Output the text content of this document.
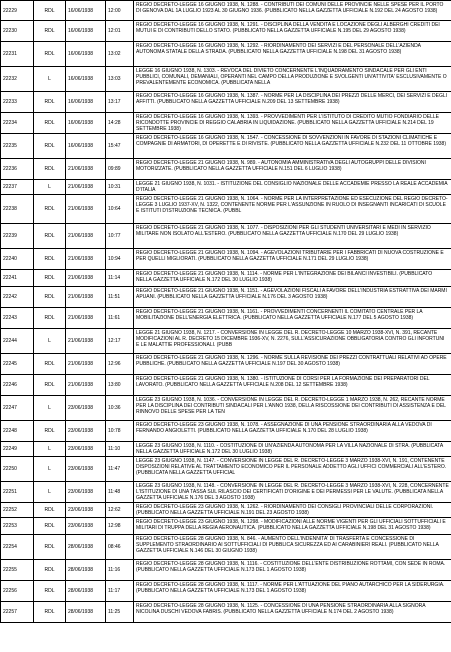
22229	RDL	16/06/1938	12:00	REGIO DECRETO-LEGGE 16 GIUGNO 1938, N. 1288. - CONTRIBUTI DEI COMUNI DELLE PROVINCIE NELLE SPESE PER IL PORTO DI GENOVA DAL 1A LUGLIO 1923 AL 30 GIUGNO 1936. (PUBBLICATO NELLA GAZZETTA UFFICIALE N.192 DEL 24 AGOSTO 1938)
22230	RDL	16/06/1938	12:01	REGIO DECRETO-LEGGE 16 GIUGNO 1938, N. 1291. - DISCIPLINA DELLA VENDITA E LOCAZIONE DEGLI ALBERGHI CREDITI DEI MUTUI E DI CONTRIBUTI DELLO STATO. (PUBBLICATO NELLA GAZZETTA UFFICIALE N.195 DEL 29 AGOSTO 1938)
22231	RDL	16/06/1938	13:02	REGIO DECRETO-LEGGE 16 GIUGNO 1938, N. 1292. - RIORDINAMENTO DEI SERVIZI E DEL PERSONALE DELL'AZIENDA AUTONOMA STATALE DELLA STRADA. (PUBBLICATO NELLA GAZZETTA UFFICIALE N.198 DEL 31 AGOSTO 1938)
22232	L	16/06/1938	13:03	LEGGE 16 GIUGNO 1938, N. 1303. - REVOCA DEL DIVIETO CONCERNENTE L'INQUADRAMENTO SINDACALE PER GLI ENTI PUBBLICI, COMUNALI, DEMANIALI, OPERANTI NEL CAMPO DELLA PRODUZIONE E SVOLGENTI UN'ATTIVITA' ESCLUSIVAMENTE O PREVALENTEMENTE ECONOMICA. (PUBBLICATA NELLA
22233	RDL	16/06/1938	13:17	REGIO DECRETO-LEGGE 16 GIUGNO 1938, N. 1387. - NORME PER LA DISCIPLINA DEI PREZZI DELLE MERCI, DEI SERVIZI E DEGLI AFFITTI. (PUBBLICATO NELLA GAZZETTA UFFICIALE N.209 DEL 13 SETTEMBRE 1938)
22234	RDL	16/06/1938	14:28	REGIO DECRETO-LEGGE 16 GIUGNO 1938, N. 1393. - PROVVEDIMENTI PER L'ISTITUTO DI CREDITO MUTIO FONDIARIO DELLE RICONDOTTE PROVINCIE DI REGGIO CALABRIA IN LIQUIDAZIONE. (PUBBLICATO NELLA GAZZETTA UFFICIALE N.214 DEL 19 SETTEMBRE 1938)
22235	RDL	16/06/1938	15:47	REGIO DECRETO-LEGGE 16 GIUGNO 1938, N. 1547. - CONCESSIONE DI SOVVENZIONI IN FAVORE DI STAZIONI CLIMATICHE E COMPAGNIE DI ARMATORI, DI OPERETTE E DI RIVISTE. (PUBBLICATO NELLA GAZZETTA UFFICIALE N.232 DEL 11 OTTOBRE 1938)
22236	RDL	21/06/1938	09:89	REGIO DECRETO-LEGGE 21 GIUGNO 1938, N. 989. - AUTONOMIA AMMINISTRATIVA DEGLI AUTOGRUPPI DELLE DIVISIONI MOTORIZZATE. (PUBBLICATO NELLA GAZZETTA UFFICIALE N.151 DEL 6 LUGLIO 1938)
22237	L	21/06/1938	10:31	LEGGE 21 GIUGNO 1938, N. 1031. - ISTITUZIONE DEL CONSIGLIO NAZIONALE DELLE ACCADEMIE PRESSO LA REALE ACCADEMIA D'ITALIA
22238	RDL	21/06/1938	10:64	REGIO DECRETO-LEGGE 21 GIUGNO 1938, N. 1064. - NORME PER LA INTERPRETAZIONE ED ESECUZIONE DEL REGIO DECRETO-LEGGE 3 LUGLIO 1937-XV, N. 1322, CONTENENTE NORME PER L'ASSUNZIONE IN RUOLO DI INSEGNANTI INCARICATI DI SCUOLE E ISTITUTI D'ISTRUZIONE TECNICA. (PUBBL
22239	RDL	21/06/1938	10:77	REGIO DECRETO-LEGGE 21 GIUGNO 1938, N. 1077. - DISPOSIZIONI PER GLI STUDENTI UNIVERSITARI E MEDI IN SERVIZIO MILITARE NON ISOLATO ALL'ESTERO. (PUBBLICATO NELLA GAZZETTA UFFICIALE N.170 DEL 29 LUGLIO 1938)
22240	RDL	21/06/1938	10:94	REGIO DECRETO-LEGGE 21 GIUGNO 1938, N. 1094. - AGEVOLAZIONI TRIBUTARIE PER I FABBRICATI DI NUOVA COSTRUZIONE E PER QUELLI MIGLIORATI. (PUBBLICATO NELLA GAZZETTA UFFICIALE N.171 DEL 29 LUGLIO 1938)
22241	RDL	21/06/1938	11:14	REGIO DECRETO-LEGGE 21 GIUGNO 1938, N. 1114. - NORME PER L'INTEGRAZIONE DEI BILANCI INVESTIBILI. (PUBBLICATO NELLA GAZZETTA UFFICIALE N.172 DEL 30 LUGLIO 1938)
22242	RDL	21/06/1938	11:51	REGIO DECRETO-LEGGE 21 GIUGNO 1938, N. 1151. - AGEVOLAZIONI FISCALI A FAVORE DELL'INDUSTRIA ESTRATTIVA DEI MARMI APUANI. (PUBBLICATO NELLA GAZZETTA UFFICIALE N.176 DEL 3 AGOSTO 1938)
22243	RDL	21/06/1938	11:61	REGIO DECRETO-LEGGE 21 GIUGNO 1938, N. 1161. - PROVVEDIMENTI CONCERNENTI IL COMITATO CENTRALE PER LA MOBILITAZIONE DELL'ENERGIA ELETTRICA. (PUBBLICATO NELLA GAZZETTA UFFICIALE N.177 DEL 5 AGOSTO 1938)
22244	L	21/06/1938	12:17	LEGGE 21 GIUGNO 1938, N. 1217. - CONVERSIONE IN LEGGE DEL R. DECRETO-LEGGE 10 MARZO 1938-XVI, N. 391, RECANTE MODIFICAZIONI AL R. DECRETO 15 DICEMBRE 1936-XV, N. 2276, SULL'ASSICURAZIONE OBBLIGATORIA CONTRO GLI INFORTUNI E LE MALATTIE PROFESSIONALI. (PUBB
22245	RDL	21/06/1938	12:96	REGIO DECRETO-LEGGE 21 GIUGNO 1938, N. 1296. - NORME SULLA REVISIONE DEI PREZZI CONTRATTUALI RELATIVI AD OPERE PUBBLICHE. (PUBBLICATO NELLA GAZZETTA UFFICIALE N.197 DEL 30 AGOSTO 1938)
22246	RDL	21/06/1938	13:80	REGIO DECRETO-LEGGE 21 GIUGNO 1938, N. 1380. - ISTITUZIONE DI CORSI PER LA FORMAZIONE DEI PREPARATORI DEL LAVORATO. (PUBBLICATO NELLA GAZZETTA UFFICIALE N.208 DEL 12 SETTEMBRE 1938)
22247	L	23/06/1938	10:36	LEGGE 23 GIUGNO 1938, N. 1036. - CONVERSIONE IN LEGGE DEL R. DECRETO-LEGGE 1 MARZO 1938, N. 262, RECANTE NORME PER LA DISCIPLINA DEI CONTRIBUTI SINDACALI PER L'ANNO 1938, DELLA RISCOSSIONE DEI CONTRIBUTI DI ASSISTENZA E DEL RINNOVO DELLE SPESE PER LA TEN
22248	RDL	23/06/1938	10:78	REGIO DECRETO-LEGGE 23 GIUGNO 1938, N. 1078. - ASSEGNAZIONE DI UNA PENSIONE STRAORDINARIA ALLA VEDOVA DI FERNANDO ANGIOLETTI. (PUBBLICATO NELLA GAZZETTA UFFICIALE N.170 DEL 28 LUGLIO 1938)
22249	L	23/06/1938	11:10	LEGGE 23 GIUGNO 1938, N. 1110. - COSTITUZIONE DI UN'AZIENDA AUTONOMA PER LA VILLA NAZIONALE DI STRA. (PUBBLICATA NELLA GAZZETTA UFFICIALE N.172 DEL 30 LUGLIO 1938)
22250	L	23/06/1938	11:47	LEGGE 23 GIUGNO 1938, N. 1147. - CONVERSIONE IN LEGGE DEL R. DECRETO-LEGGE 3 MARZO 1938-XVI, N. 191, CONTENENTE DISPOSIZIONI RELATIVE AL TRATTAMENTO ECONOMICO PER IL PERSONALE ADDETTO AGLI UFFICI COMMERCIALI ALL'ESTERO. (PUBBLICATA NELLA GAZZETTA UFFICIAL
22251	L	23/06/1938	11:48	LEGGE 23 GIUGNO 1938, N. 1148. - CONVERSIONE IN LEGGE DEL R. DECRETO-LEGGE 3 MARZO 1938-XVI, N. 228, CONCERNENTE L'ISTITUZIONE DI UNA TASSA SUL RILASCIO DEI CERTIFICATI D'ORIGINE E DEI PERMESSI PER LE VALUTE. (PUBBLICATA NELLA GAZZETTA UFFICIALE N.176 DEL 3 AGOSTO 1938)
22252	RDL	23/06/1938	12:62	REGIO DECRETO-LEGGE 23 GIUGNO 1938, N. 1262. - RIORDINAMENTO DEI CONSIGLI PROVINCIALI DELLE CORPORAZIONI. (PUBBLICATO NELLA GAZZETTA UFFICIALE N.191 DEL 23 AGOSTO 1938)
22253	RDL	23/06/1938	12:98	REGIO DECRETO-LEGGE 23 GIUGNO 1938, N. 1298. - MODIFICAZIONI ALLE NORME VIGENTI PER GLI UFFICIALI SOTTUFFICIALI E MILITARI DI TRUPPA DELLA REGIA AERONAUTICA. (PUBBLICATO NELLA GAZZETTA UFFICIALE N.198 DEL 31 AGOSTO 1938)
22254	RDL	28/06/1938	08:46	REGIO DECRETO-LEGGE 28 GIUGNO 1938, N. 846. - AUMENTO DELL'INDENNITA' DI TRASFERTA E CONCESSIONE DI SUPPLEMENTO STRAORDINARIO AI SOTTUFFICIALI DI PUBBLICA SICUREZZA ED AI CARABINIERI REALI. (PUBBLICATO NELLA GAZZETTA UFFICIALE N.146 DEL 30 GIUGNO 1938)
22255	RDL	28/06/1938	11:16	REGIO DECRETO-LEGGE 28 GIUGNO 1938, N. 1116. - COSTITUZIONE DELL'ENTE DISTRIBUZIONE ROTTAMI, CON SEDE IN ROMA. (PUBBLICATO NELLA GAZZETTA UFFICIALE N.173 DEL 1 AGOSTO 1938)
22256	RDL	28/06/1938	11:17	REGIO DECRETO-LEGGE 28 GIUGNO 1938, N. 1117. - NORME PER L'ATTUAZIONE DEL PIANO AUTARCHICO PER LA SIDERURGIA. (PUBBLICATO NELLA GAZZETTA UFFICIALE N.173 DEL 1 AGOSTO 1938)
22257	RDL	28/06/1938	11:25	REGIO DECRETO-LEGGE 28 GIUGNO 1938, N. 1125. - CONCESSIONE DI UNA PENSIONE STRAORDINARIA ALLA SIGNORA NICOLINA DUSCHI VEDOVA FABRIS. (PUBBLICATO NELLA GAZZETTA UFFICIALE N.174 DEL 2 AGOSTO 1938)
